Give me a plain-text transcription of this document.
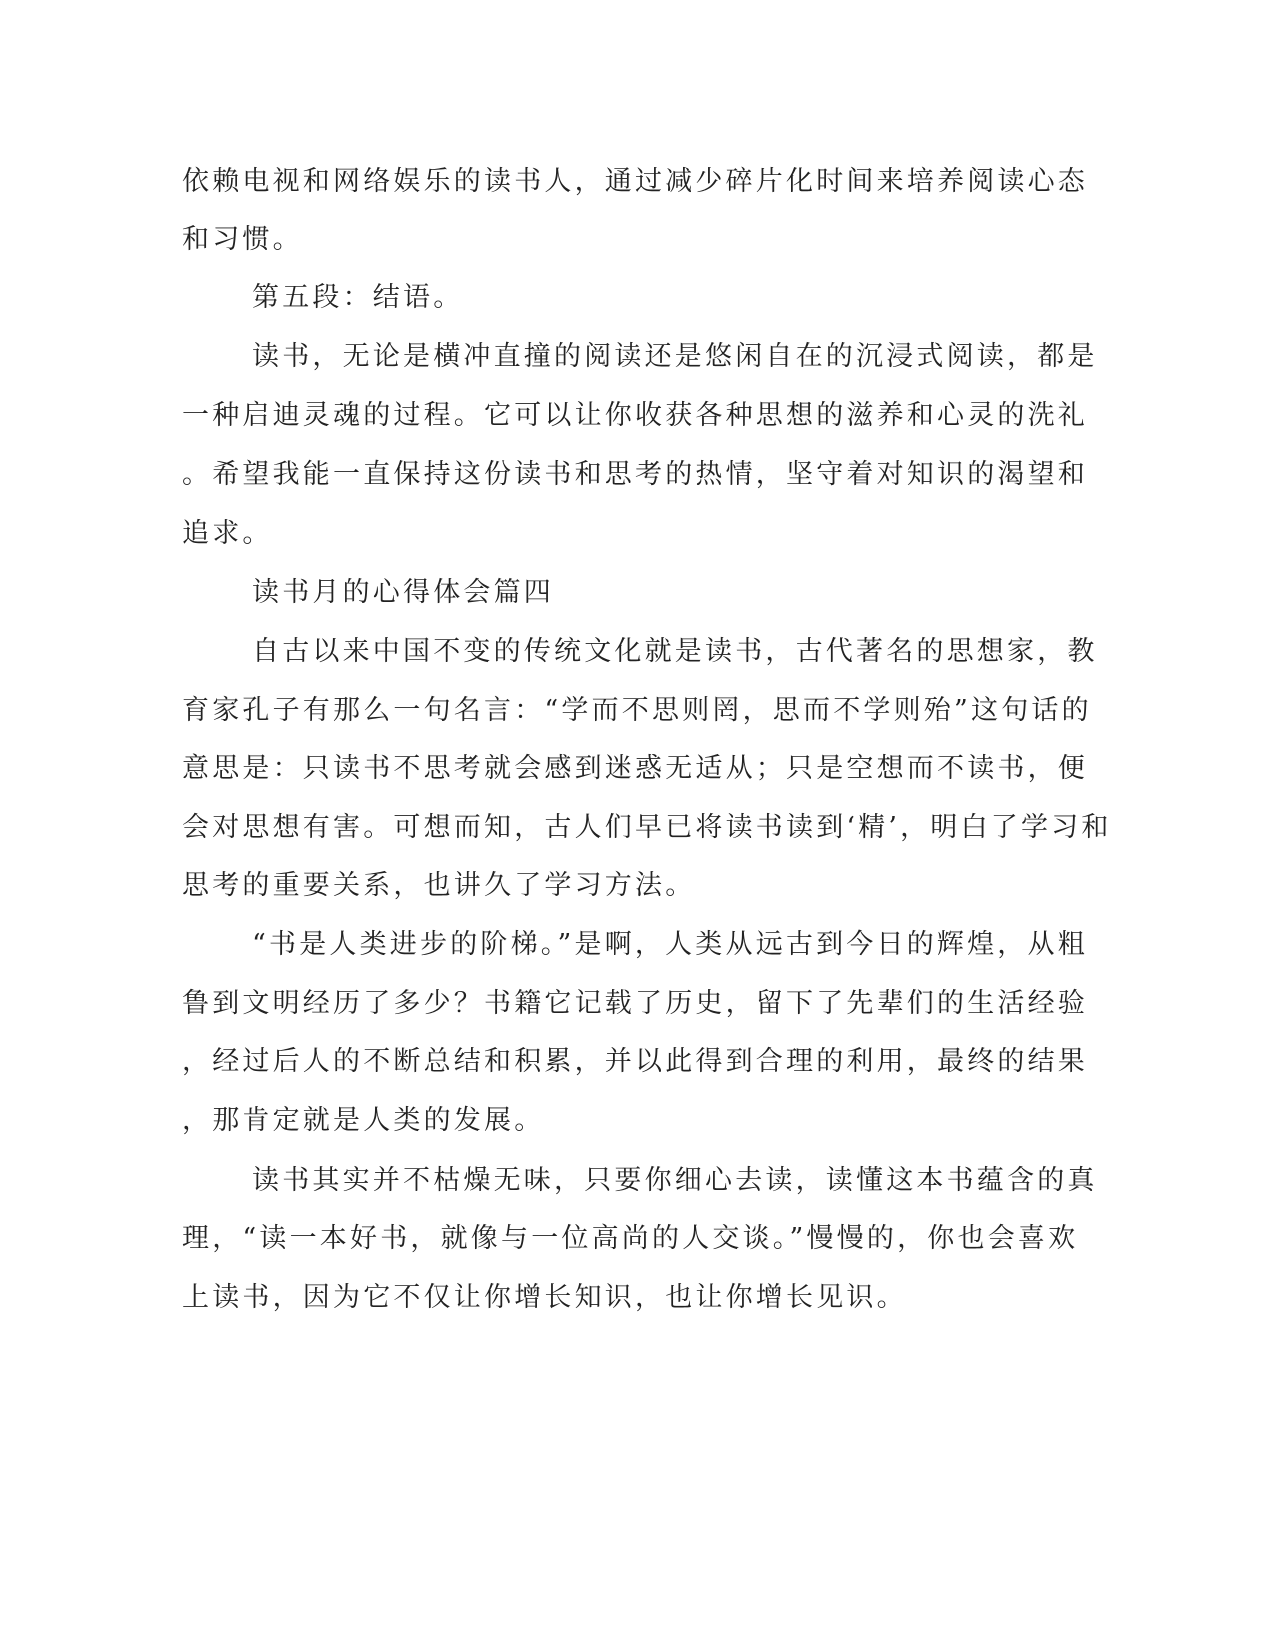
依赖电视和网络娱乐的读书人，通过减少碎片化时间来培养阅读心态
和习惯。
第五段：结语。
读书，无论是横冲直撞的阅读还是悠闲自在的沉浸式阅读，都是
一种启迪灵魂的过程。它可以让你收获各种思想的滋养和心灵的洗礼
。希望我能一直保持这份读书和思考的热情，坚守着对知识的渴望和
追求。
读书月的心得体会篇四
自古以来中国不变的传统文化就是读书，古代著名的思想家，教
育家孔子有那么一句名言：“学而不思则罔，思而不学则殆”这句话的
意思是：只读书不思考就会感到迷惑无适从；只是空想而不读书，便
会对思想有害。可想而知，古人们早已将读书读到‘精’，明白了学习和
思考的重要关系，也讲久了学习方法。
“书是人类进步的阶梯。”是啊，人类从远古到今日的辉煌，从粗
鲁到文明经历了多少？书籍它记载了历史，留下了先辈们的生活经验
，经过后人的不断总结和积累，并以此得到合理的利用，最终的结果
，那肯定就是人类的发展。
读书其实并不枯燥无味，只要你细心去读，读懂这本书蕴含的真
理，“读一本好书，就像与一位高尚的人交谈。”慢慢的，你也会喜欢
上读书，因为它不仅让你增长知识，也让你增长见识。
